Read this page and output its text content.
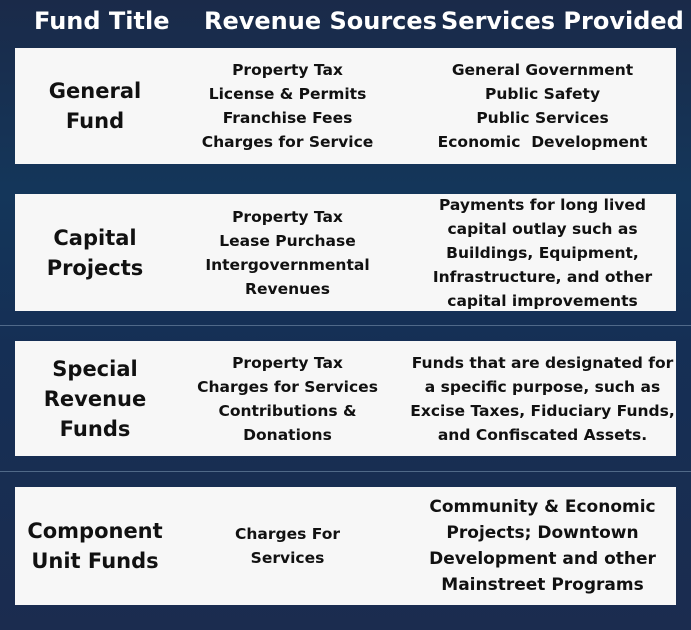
Fund Title Revenue Sources Services Provided
General
Fund
Property Tax
License & Permits
Franchise Fees
Charges for Service
General Government
Public Safety
Public Services
Economic  Development
Capital
Projects
Property Tax
Lease Purchase
Intergovernmental
Revenues
Payments for long lived
capital outlay such as
Buildings, Equipment,
Infrastructure, and other
capital improvements
Special
Revenue
Funds
Property Tax
Charges for Services
Contributions &
Donations
Funds that are designated for
a specific purpose, such as
Excise Taxes, Fiduciary Funds,
and Confiscated Assets.
Component
Unit Funds
Charges For
Services
Community & Economic
Projects; Downtown
Development and other
Mainstreet Programs
